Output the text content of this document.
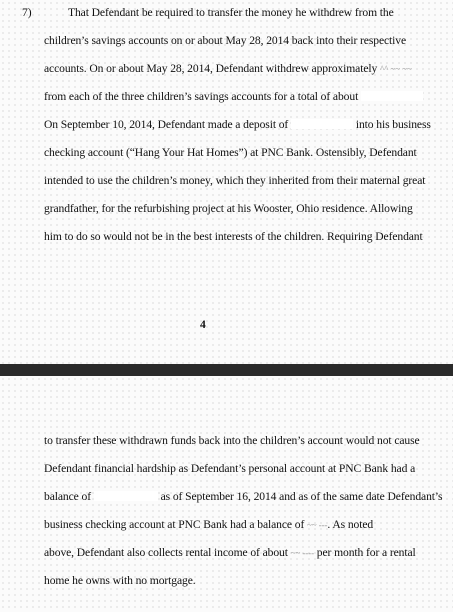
7)	That Defendant be required to transfer the money he withdrew from the
children’s savings accounts on or about May 28, 2014 back into their respective
accounts. On or about May 28, 2014, Defendant withdrew approximately ^^ ~~ ~~
from each of the three children’s savings accounts for a total of about
On September 10, 2014, Defendant made a deposit of	into his business
checking account (“Hang Your Hat Homes”) at PNC Bank. Ostensibly, Defendant
intended to use the children’s money, which they inherited from their maternal great
grandfather, for the refurbishing project at his Wooster, Ohio residence. Allowing
him to do so would not be in the best interests of the children. Requiring Defendant
4
to transfer these withdrawn funds back into the children’s account would not cause
Defendant financial hardship as Defendant’s personal account at PNC Bank had a
balance of	as of September 16, 2014 and as of the same date Defendant’s
business checking account at PNC Bank had a balance of ~~ ---. As noted
above, Defendant also collects rental income of about ~~ ---- per month for a rental
home he owns with no mortgage.
